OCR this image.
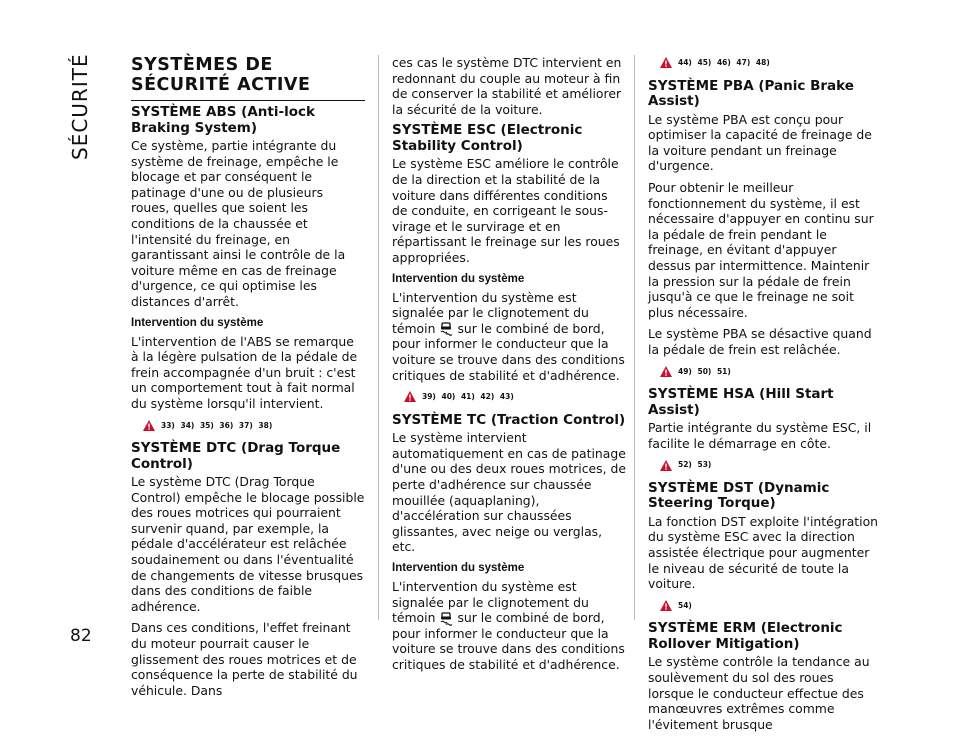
SÉCURITÉ
82
SYSTÈMES DE SÉCURITÉ ACTIVE
SYSTÈME ABS (Anti-lock Braking System)

Ce système, partie intégrante du système de freinage, empêche le blocage et par conséquent le patinage d'une ou de plusieurs roues, quelles que soient les conditions de la chaussée et l'intensité du freinage, en garantissant ainsi le contrôle de la voiture même en cas de freinage d'urgence, ce qui optimise les distances d'arrêt.

Intervention du système

L'intervention de l'ABS se remarque à la légère pulsation de la pédale de frein accompagnée d'un bruit : c'est un comportement tout à fait normal du système lorsqu'il intervient.

33) 34) 35) 36) 37) 38)
SYSTÈME DTC (Drag Torque Control)

Le système DTC (Drag Torque Control) empêche le blocage possible des roues motrices qui pourraient survenir quand, par exemple, la pédale d'accélérateur est relâchée soudainement ou dans l'éventualité de changements de vitesse brusques dans des conditions de faible adhérence.

Dans ces conditions, l'effet freinant du moteur pourrait causer le glissement des roues motrices et de conséquence la perte de stabilité du véhicule. Dans

ces cas le système DTC intervient en redonnant du couple au moteur à fin de conserver la stabilité et améliorer la sécurité de la voiture.

SYSTÈME ESC (Electronic Stability Control)

Le système ESC améliore le contrôle de la direction et la stabilité de la voiture dans différentes conditions de conduite, en corrigeant le sous-virage et le survirage et en répartissant le freinage sur les roues appropriées.

Intervention du système

L'intervention du système est signalée par le clignotement du témoin sur le combiné de bord, pour informer le conducteur que la voiture se trouve dans des conditions critiques de stabilité et d'adhérence.

39) 40) 41) 42) 43)
SYSTÈME TC (Traction Control)

Le système intervient automatiquement en cas de patinage d'une ou des deux roues motrices, de perte d'adhérence sur chaussée mouillée (aquaplaning), d'accélération sur chaussées glissantes, avec neige ou verglas, etc.

Intervention du système

L'intervention du système est signalée par le clignotement du témoin sur le combiné de bord, pour informer le conducteur que la voiture se trouve dans des conditions critiques de stabilité et d'adhérence.

44) 45) 46) 47) 48)
SYSTÈME PBA (Panic Brake Assist)

Le système PBA est conçu pour optimiser la capacité de freinage de la voiture pendant un freinage d'urgence.

Pour obtenir le meilleur fonctionnement du système, il est nécessaire d'appuyer en continu sur la pédale de frein pendant le freinage, en évitant d'appuyer dessus par intermittence. Maintenir la pression sur la pédale de frein jusqu'à ce que le freinage ne soit plus nécessaire.

Le système PBA se désactive quand la pédale de frein est relâchée.

49) 50) 51)
SYSTÈME HSA (Hill Start Assist)

Partie intégrante du système ESC, il facilite le démarrage en côte.

52) 53)
SYSTÈME DST (Dynamic Steering Torque)

La fonction DST exploite l'intégration du système ESC avec la direction assistée électrique pour augmenter le niveau de sécurité de toute la voiture.

54)
SYSTÈME ERM (Electronic Rollover Mitigation)

Le système contrôle la tendance au soulèvement du sol des roues lorsque le conducteur effectue des manœuvres extrêmes comme l'évitement brusque
